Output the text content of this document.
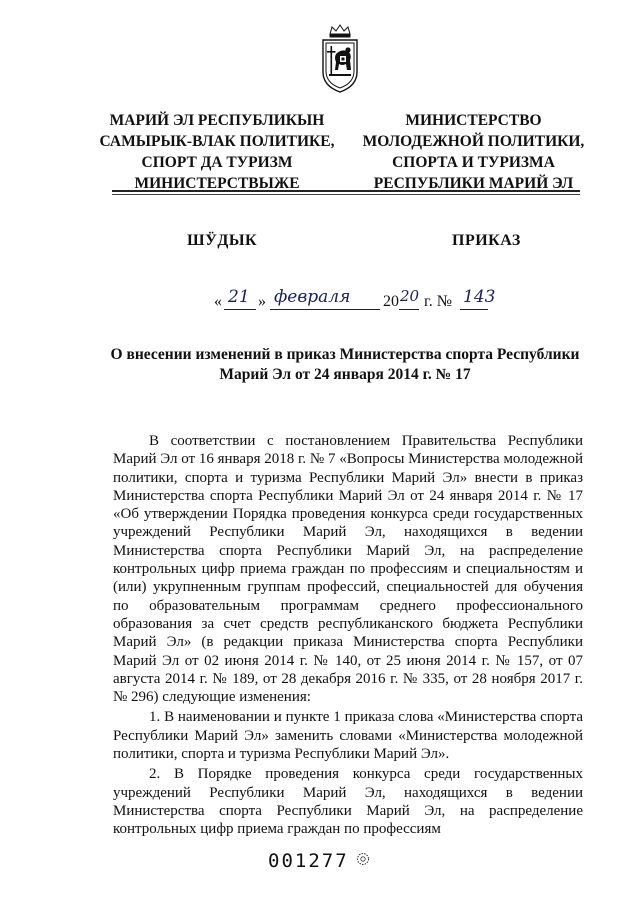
МАРИЙ ЭЛ РЕСПУБЛИКЫН
САМЫРЫК-ВЛАК ПОЛИТИКЕ,
СПОРТ ДА ТУРИЗМ
МИНИСТЕРСТВЫЖЕ
МИНИСТЕРСТВО
МОЛОДЕЖНОЙ ПОЛИТИКИ,
СПОРТА И ТУРИЗМА
РЕСПУБЛИКИ МАРИЙ ЭЛ
ШӰДЫК	ПРИКАЗ
« 21 » февраля 20 20 г. № 143
О внесении изменений в приказ Министерства спорта Республики Марий Эл от 24 января 2014 г. № 17

В соответствии с постановлением Правительства Республики Марий Эл от 16 января 2018 г. № 7 «Вопросы Министерства молодежной политики, спорта и туризма Республики Марий Эл» внести в приказ Министерства спорта Республики Марий Эл от 24 января 2014 г. № 17 «Об утверждении Порядка проведения конкурса среди государственных учреждений Республики Марий Эл, находящихся в ведении Министерства спорта Республики Марий Эл, на распределение контрольных цифр приема граждан по профессиям и специальностям и (или) укрупненным группам профессий, специальностей для обучения по образовательным программам среднего профессионального образования за счет средств республиканского бюджета Республики Марий Эл» (в редакции приказа Министерства спорта Республики Марий Эл от 02 июня 2014 г. № 140, от 25 июня 2014 г. № 157, от 07 августа 2014 г. № 189, от 28 декабря 2016 г. № 335, от 28 ноября 2017 г. № 296) следующие изменения:

1. В наименовании и пункте 1 приказа слова «Министерства спорта Республики Марий Эл» заменить словами «Министерства молодежной политики, спорта и туризма Республики Марий Эл».

2. В Порядке проведения конкурса среди государственных учреждений Республики Марий Эл, находящихся в ведении Министерства спорта Республики Марий Эл, на распределение контрольных цифр приема граждан по профессиям

001277
